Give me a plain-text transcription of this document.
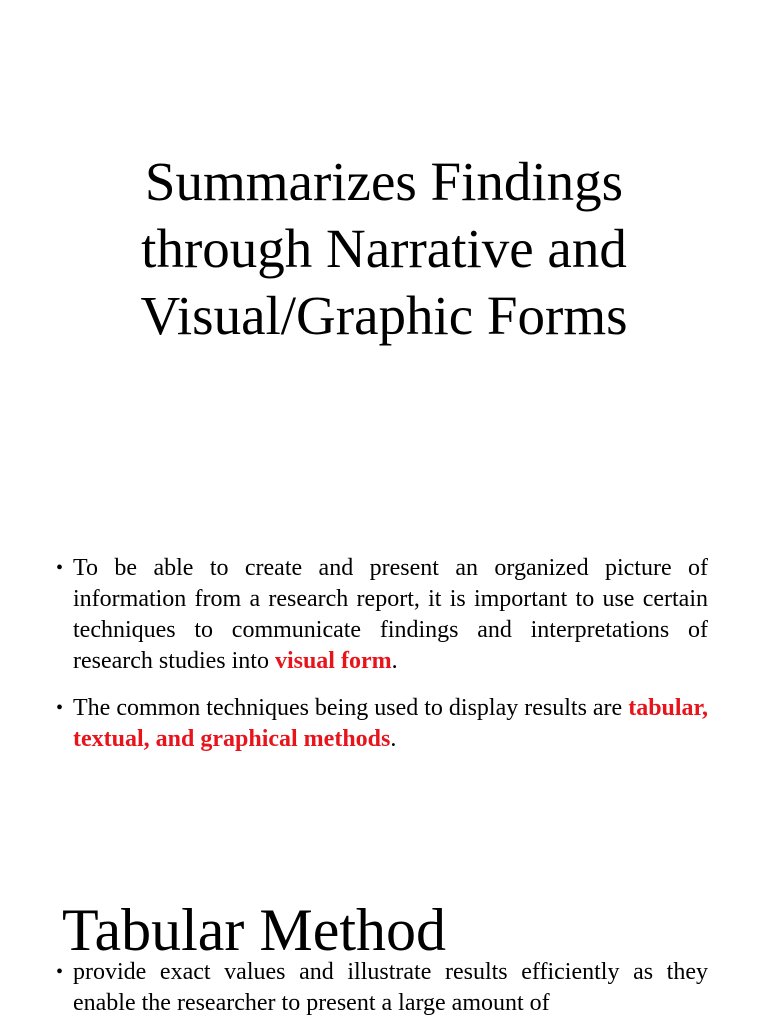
Summarizes Findings
through Narrative and
Visual/Graphic Forms
• To be able to create and present an organized picture of information from a research report, it is important to use certain techniques to communicate findings and interpretations of research studies into visual form.
• The common techniques being used to display results are tabular, textual, and graphical methods.
Tabular Method
• provide exact values and illustrate results efficiently as they enable the researcher to present a large amount of
